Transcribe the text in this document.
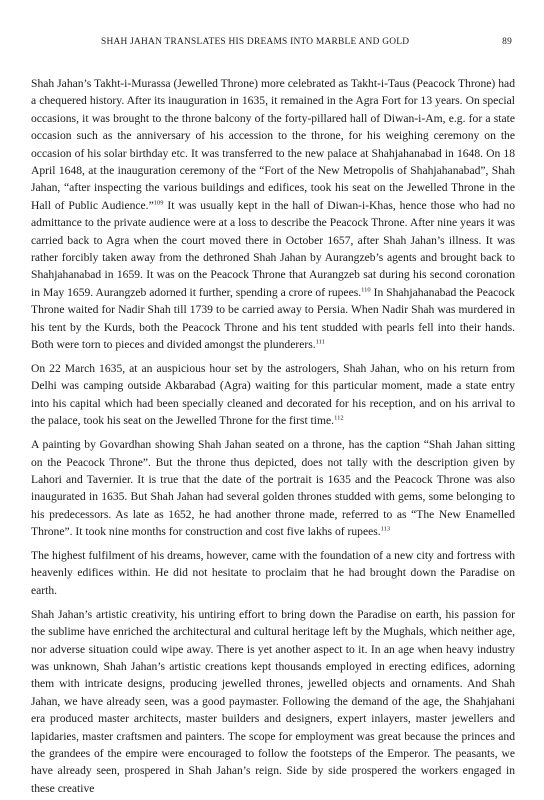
SHAH JAHAN TRANSLATES HIS DREAMS INTO MARBLE AND GOLD	89

Shah Jahan’s Takht-i-Murassa (Jewelled Throne) more celebrated as Takht-i-Taus (Peacock Throne) had a chequered history. After its inauguration in 1635, it remained in the Agra Fort for 13 years. On special occasions, it was brought to the throne balcony of the forty-pillared hall of Diwan-i-Am, e.g. for a state occasion such as the anniversary of his accession to the throne, for his weighing ceremony on the occasion of his solar birthday etc. It was transferred to the new palace at Shahjahanabad in 1648. On 18 April 1648, at the inauguration ceremony of the “Fort of the New Metropolis of Shahjahanabad”, Shah Jahan, “after inspecting the various buildings and edifices, took his seat on the Jewelled Throne in the Hall of Public Audience.”$^{109}$ It was usually kept in the hall of Diwan-i-Khas, hence those who had no admittance to the private audience were at a loss to describe the Peacock Throne. After nine years it was carried back to Agra when the court moved there in October 1657, after Shah Jahan’s illness. It was rather forcibly taken away from the dethroned Shah Jahan by Aurangzeb’s agents and brought back to Shahjahanabad in 1659. It was on the Peacock Throne that Aurangzeb sat during his second coronation in May 1659. Aurangzeb adorned it further, spending a crore of rupees.$^{110}$ In Shahjahanabad the Peacock Throne waited for Nadir Shah till 1739 to be carried away to Persia. When Nadir Shah was murdered in his tent by the Kurds, both the Peacock Throne and his tent studded with pearls fell into their hands. Both were torn to pieces and divided amongst the plunderers.$^{111}$

On 22 March 1635, at an auspicious hour set by the astrologers, Shah Jahan, who on his return from Delhi was camping outside Akbarabad (Agra) waiting for this particular moment, made a state entry into his capital which had been specially cleaned and decorated for his reception, and on his arrival to the palace, took his seat on the Jewelled Throne for the first time.$^{112}$

A painting by Govardhan showing Shah Jahan seated on a throne, has the caption “Shah Jahan sitting on the Peacock Throne”. But the throne thus depicted, does not tally with the description given by Lahori and Tavernier. It is true that the date of the portrait is 1635 and the Peacock Throne was also inaugurated in 1635. But Shah Jahan had several golden thrones studded with gems, some belonging to his predecessors. As late as 1652, he had another throne made, referred to as “The New Enamelled Throne”. It took nine months for construction and cost five lakhs of rupees.$^{113}$

The highest fulfilment of his dreams, however, came with the foundation of a new city and fortress with heavenly edifices within. He did not hesitate to proclaim that he had brought down the Paradise on earth.

Shah Jahan’s artistic creativity, his untiring effort to bring down the Paradise on earth, his passion for the sublime have enriched the architectural and cultural heritage left by the Mughals, which neither age, nor adverse situation could wipe away. There is yet another aspect to it. In an age when heavy industry was unknown, Shah Jahan’s artistic creations kept thousands employed in erecting edifices, adorning them with intricate designs, producing jewelled thrones, jewelled objects and ornaments. And Shah Jahan, we have already seen, was a good paymaster. Following the demand of the age, the Shahjahani era produced master architects, master builders and designers, expert inlayers, master jewellers and lapidaries, master craftsmen and painters. The scope for employment was great because the princes and the grandees of the empire were encouraged to follow the footsteps of the Emperor. The peasants, we have already seen, prospered in Shah Jahan’s reign. Side by side prospered the workers engaged in these creative
